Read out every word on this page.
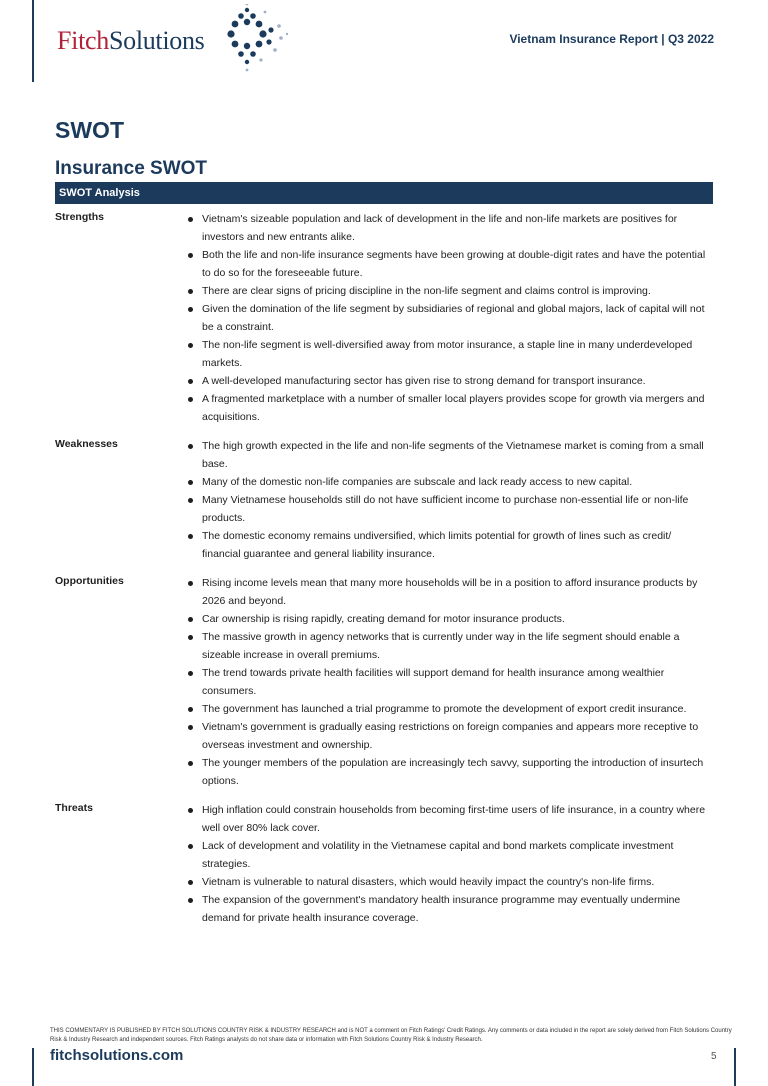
FitchSolutions	Vietnam Insurance Report | Q3 2022
SWOT
Insurance SWOT
SWOT Analysis
Strengths	Vietnam's sizeable population and lack of development in the life and non-life markets are positives for investors and new entrants alike.
Both the life and non-life insurance segments have been growing at double-digit rates and have the potential to do so for the foreseeable future.
There are clear signs of pricing discipline in the non-life segment and claims control is improving.
Given the domination of the life segment by subsidiaries of regional and global majors, lack of capital will not be a constraint.
The non-life segment is well-diversified away from motor insurance, a staple line in many underdeveloped markets.
A well-developed manufacturing sector has given rise to strong demand for transport insurance.
A fragmented marketplace with a number of smaller local players provides scope for growth via mergers and acquisitions.
Weaknesses	The high growth expected in the life and non-life segments of the Vietnamese market is coming from a small base.
Many of the domestic non-life companies are subscale and lack ready access to new capital.
Many Vietnamese households still do not have sufficient income to purchase non-essential life or non-life products.
The domestic economy remains undiversified, which limits potential for growth of lines such as credit/ financial guarantee and general liability insurance.
Opportunities	Rising income levels mean that many more households will be in a position to afford insurance products by 2026 and beyond.
Car ownership is rising rapidly, creating demand for motor insurance products.
The massive growth in agency networks that is currently under way in the life segment should enable a sizeable increase in overall premiums.
The trend towards private health facilities will support demand for health insurance among wealthier consumers.
The government has launched a trial programme to promote the development of export credit insurance.
Vietnam's government is gradually easing restrictions on foreign companies and appears more receptive to overseas investment and ownership.
The younger members of the population are increasingly tech savvy, supporting the introduction of insurtech options.
Threats	High inflation could constrain households from becoming first-time users of life insurance, in a country where well over 80% lack cover.
Lack of development and volatility in the Vietnamese capital and bond markets complicate investment strategies.
Vietnam is vulnerable to natural disasters, which would heavily impact the country's non-life firms.
The expansion of the government's mandatory health insurance programme may eventually undermine demand for private health insurance coverage.

THIS COMMENTARY IS PUBLISHED BY FITCH SOLUTIONS COUNTRY RISK & INDUSTRY RESEARCH and is NOT a comment on Fitch Ratings' Credit Ratings. Any comments or data included in the report are solely derived from Fitch Solutions Country Risk & Industry Research and independent sources. Fitch Ratings analysts do not share data or information with Fitch Solutions Country Risk & Industry Research.

fitchsolutions.com	5
